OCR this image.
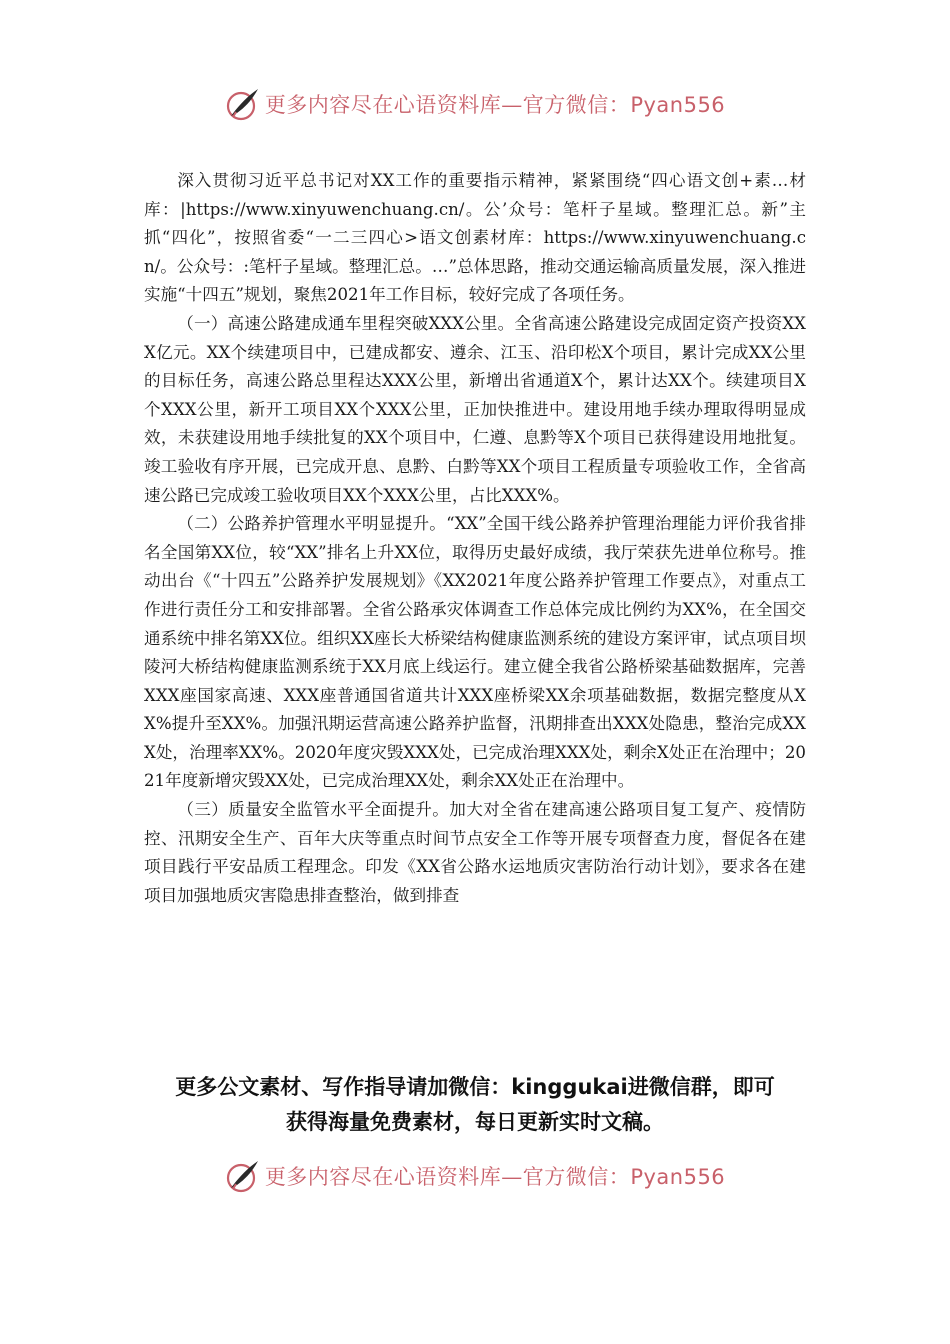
更多内容尽在心语资料库—官方微信：Pyan556

深入贯彻习近平总书记对XX工作的重要指示精神，紧紧围绕“四心语文创+素…材库：|https://www.xinyuwenchuang.cn/。公’众号：笔杆子星域。整理汇总。新”主抓“四化”，按照省委“一二三四心>语文创素材库：https://www.xinyuwenchuang.cn/。公众号：:笔杆子星域。整理汇总。…”总体思路，推动交通运输高质量发展，深入推进实施“十四五”规划，聚焦2021年工作目标，较好完成了各项任务。

（一）高速公路建成通车里程突破XXX公里。全省高速公路建设完成固定资产投资XXX亿元。XX个续建项目中，已建成都安、遵余、江玉、沿印松X个项目，累计完成XX公里的目标任务，高速公路总里程达XXX公里，新增出省通道X个，累计达XX个。续建项目X个XXX公里，新开工项目XX个XXX公里，正加快推进中。建设用地手续办理取得明显成效，未获建设用地手续批复的XX个项目中，仁遵、息黔等X个项目已获得建设用地批复。竣工验收有序开展，已完成开息、息黔、白黔等XX个项目工程质量专项验收工作，全省高速公路已完成竣工验收项目XX个XXX公里，占比XXX%。

（二）公路养护管理水平明显提升。“XX”全国干线公路养护管理治理能力评价我省排名全国第XX位，较“XX”排名上升XX位，取得历史最好成绩，我厅荣获先进单位称号。推动出台《“十四五”公路养护发展规划》《XX2021年度公路养护管理工作要点》，对重点工作进行责任分工和安排部署。全省公路承灾体调查工作总体完成比例约为XX%，在全国交通系统中排名第XX位。组织XX座长大桥梁结构健康监测系统的建设方案评审，试点项目坝陵河大桥结构健康监测系统于XX月底上线运行。建立健全我省公路桥梁基础数据库，完善XXX座国家高速、XXX座普通国省道共计XXX座桥梁XX余项基础数据，数据完整度从XX%提升至XX%。加强汛期运营高速公路养护监督，汛期排查出XXX处隐患，整治完成XXX处，治理率XX%。2020年度灾毁XXX处，已完成治理XXX处，剩余X处正在治理中；2021年度新增灾毁XX处，已完成治理XX处，剩余XX处正在治理中。

（三）质量安全监管水平全面提升。加大对全省在建高速公路项目复工复产、疫情防控、汛期安全生产、百年大庆等重点时间节点安全工作等开展专项督查力度，督促各在建项目践行平安品质工程理念。印发《XX省公路水运地质灾害防治行动计划》，要求各在建项目加强地质灾害隐患排查整治，做到排查

更多公文素材、写作指导请加微信：kinggukai进微信群，即可
获得海量免费素材，每日更新实时文稿。
更多内容尽在心语资料库—官方微信：Pyan556
